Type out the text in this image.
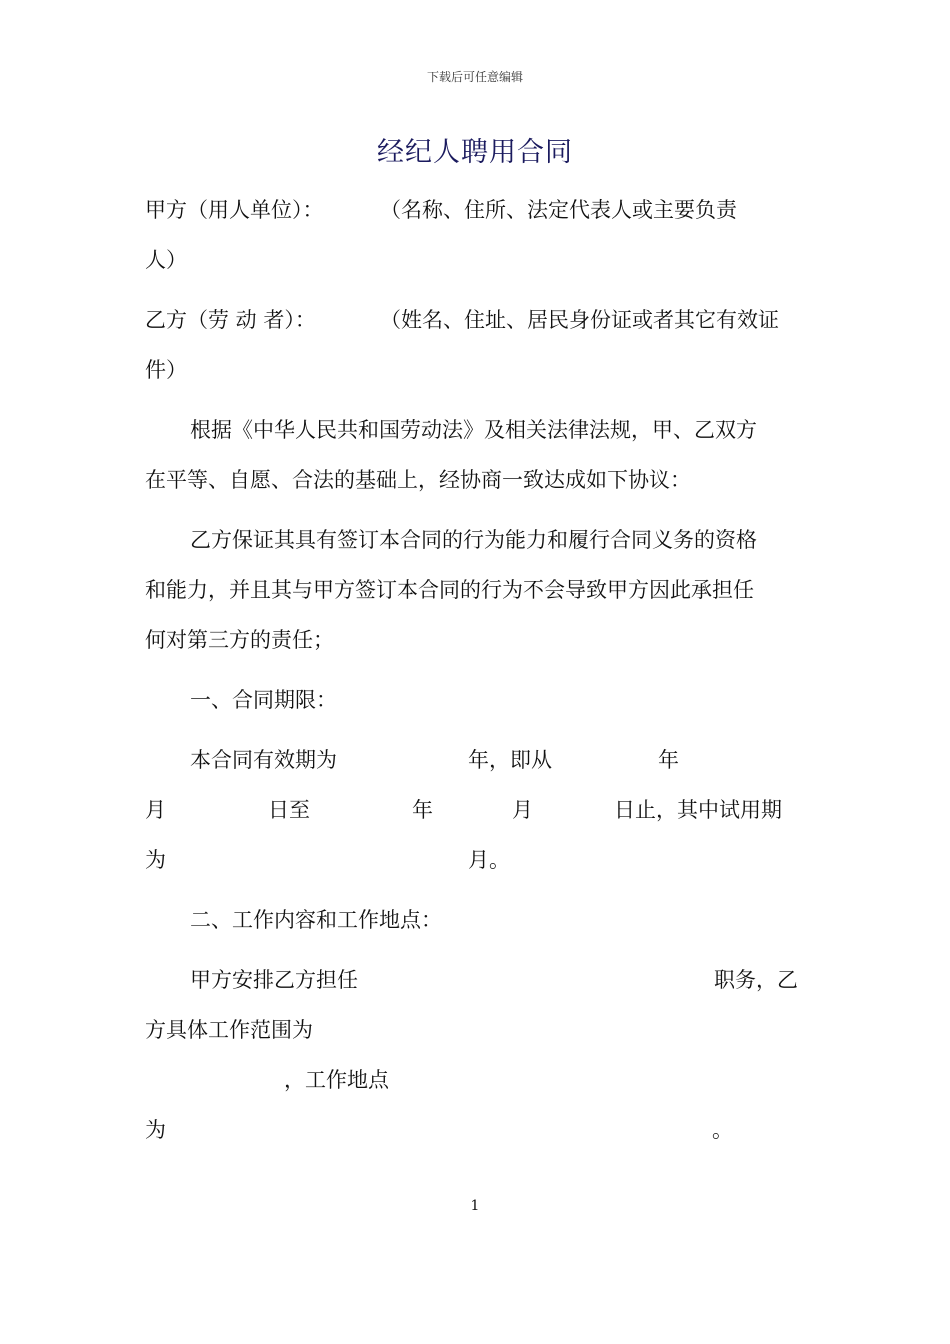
下载后可任意编辑
经纪人聘用合同
甲方（用人单位）：	（名称、住所、法定代表人或主要负责
人）
乙方（劳 动 者）：	（姓名、住址、居民身份证或者其它有效证
件）
根据《中华人民共和国劳动法》及相关法律法规，甲、乙双方
在平等、自愿、合法的基础上，经协商一致达成如下协议：
乙方保证其具有签订本合同的行为能力和履行合同义务的资格
和能力，并且其与甲方签订本合同的行为不会导致甲方因此承担任
何对第三方的责任；
一、合同期限：
本合同有效期为	年，即从	年
月	日至	年	月	日止，其中试用期
为	月。
二、工作内容和工作地点：
甲方安排乙方担任	职务，乙
方具体工作范围为
，工作地点
为	。
1
